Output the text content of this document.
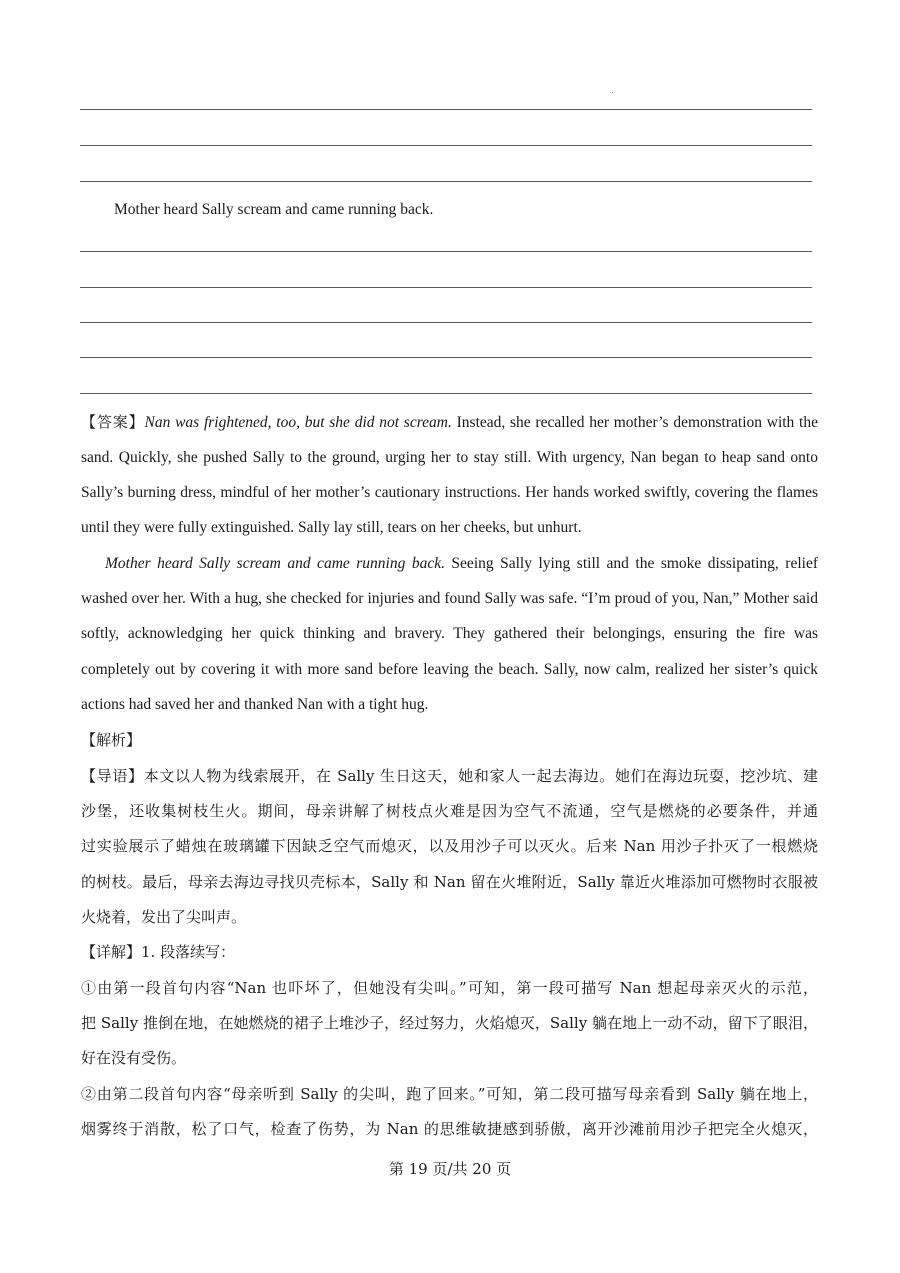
Mother heard Sally scream and came running back.
【答案】Nan was frightened, too, but she did not scream. Instead, she recalled her mother’s demonstration with the
sand. Quickly, she pushed Sally to the ground, urging her to stay still. With urgency, Nan began to heap sand onto
Sally’s burning dress, mindful of her mother’s cautionary instructions. Her hands worked swiftly, covering the flames
until they were fully extinguished. Sally lay still, tears on her cheeks, but unhurt.
Mother heard Sally scream and came running back. Seeing Sally lying still and the smoke dissipating, relief
washed over her. With a hug, she checked for injuries and found Sally was safe. “I’m proud of you, Nan,” Mother said
softly, acknowledging her quick thinking and bravery. They gathered their belongings, ensuring the fire was
completely out by covering it with more sand before leaving the beach. Sally, now calm, realized her sister’s quick
actions had saved her and thanked Nan with a tight hug.
【解析】
【导语】本文以人物为线索展开，在 Sally 生日这天，她和家人一起去海边。她们在海边玩耍，挖沙坑、建
沙堡，还收集树枝生火。期间，母亲讲解了树枝点火难是因为空气不流通，空气是燃烧的必要条件，并通
过实验展示了蜡烛在玻璃罐下因缺乏空气而熄灭，以及用沙子可以灭火。后来 Nan 用沙子扑灭了一根燃烧
的树枝。最后，母亲去海边寻找贝壳标本，Sally 和 Nan 留在火堆附近，Sally 靠近火堆添加可燃物时衣服被
火烧着，发出了尖叫声。
【详解】1. 段落续写：
①由第一段首句内容“Nan 也吓坏了，但她没有尖叫。”可知，第一段可描写 Nan 想起母亲灭火的示范，
把 Sally 推倒在地，在她燃烧的裙子上堆沙子，经过努力，火焰熄灭，Sally 躺在地上一动不动，留下了眼泪，
好在没有受伤。
②由第二段首句内容“母亲听到 Sally 的尖叫，跑了回来。”可知，第二段可描写母亲看到 Sally 躺在地上，
烟雾终于消散，松了口气，检查了伤势，为 Nan 的思维敏捷感到骄傲，离开沙滩前用沙子把完全火熄灭，
第 19 页/共 20 页
